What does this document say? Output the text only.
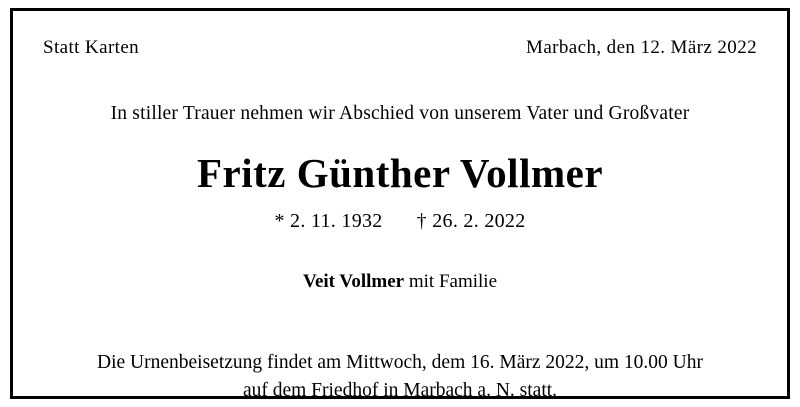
Statt Karten	Marbach, den 12. März 2022
In stiller Trauer nehmen wir Abschied von unserem Vater und Großvater
Fritz Günther Vollmer
* 2. 11. 1932 † 26. 2. 2022
Veit Vollmer mit Familie
Die Urnenbeisetzung findet am Mittwoch, dem 16. März 2022, um 10.00 Uhr
auf dem Friedhof in Marbach a. N. statt.
